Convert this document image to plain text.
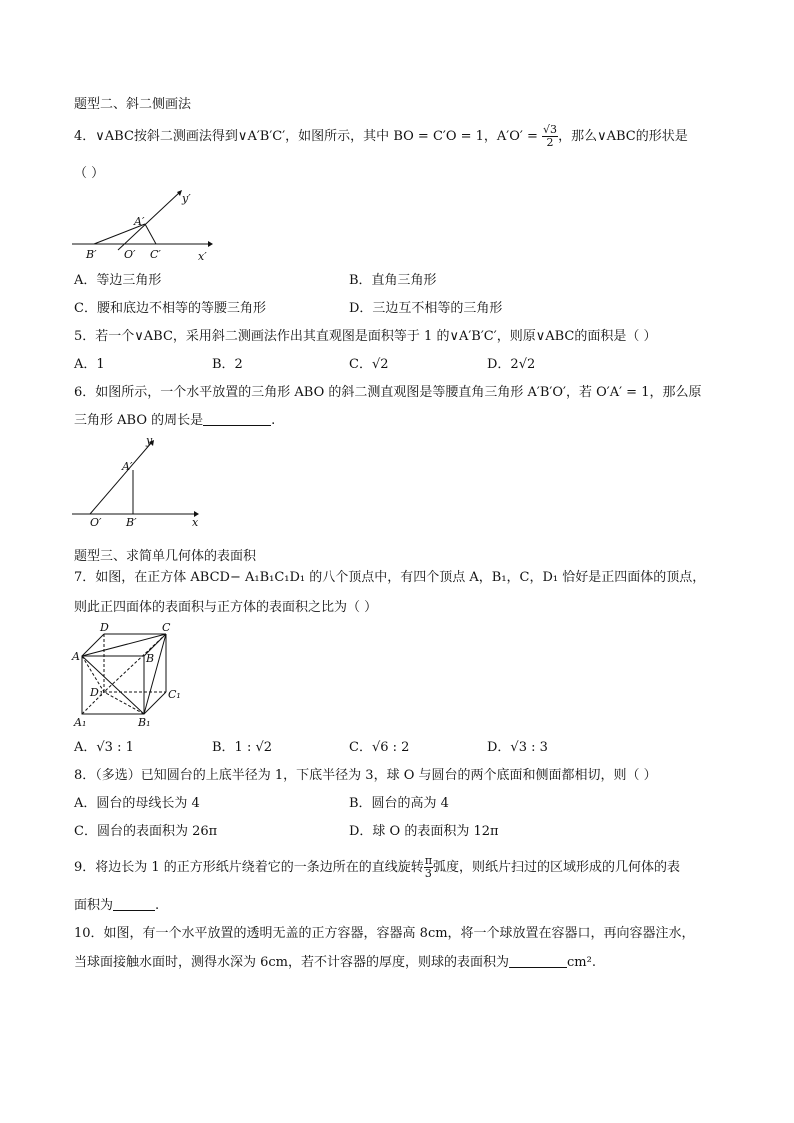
题型二、斜二侧画法
4．∨ABC按斜二测画法得到∨A′B′C′，如图所示，其中 BO = C′O = 1，$A'O' = \frac{√3}{2}$ ，那么∨ABC的形状是
（ ）
y′
A′
B′ O′ C′	x′
A．等边三角形	B．直角三角形
C．腰和底边不相等的等腰三角形	D．三边互不相等的三角形
5．若一个∨ABC，采用斜二测画法作出其直观图是面积等于 1 的∨A′B′C′，则原∨ABC的面积是（ ）
A．1	B．2	C．√2	D．2√2
6．如图所示，一个水平放置的三角形 ABO 的斜二测直观图是等腰直角三角形 A′B′O′，若 O′A′ = 1，那么原
三角形 ABO 的周长是	.
y
A′
O′ B′	x
题型三、求简单几何体的表面积
7．如图，在正方体 ABCD− A₁B₁C₁D₁ 的八个顶点中，有四个顶点 A，B₁，C，D₁ 恰好是正四面体的顶点，
则此正四面体的表面积与正方体的表面积之比为（ ）
D	C
A	B
D₁	C₁
A₁	B₁
A．√3 : 1	B．1 : √2	C．√6 : 2	D．√3 : 3
8．（多选）已知圆台的上底半径为 1，下底半径为 3，球 O 与圆台的两个底面和侧面都相切，则（ ）
A．圆台的母线长为 4	B．圆台的高为 4
C．圆台的表面积为 26π	D．球 O 的表面积为 12π
9．将边长为 1 的正方形纸片绕着它的一条边所在的直线旋转 $\frac{\pi}{3}$ 弧度，则纸片扫过的区域形成的几何体的表
面积为	.
10．如图，有一个水平放置的透明无盖的正方容器，容器高 8cm，将一个球放置在容器口，再向容器注水，
当球面接触水面时，测得水深为 6cm，若不计容器的厚度，则球的表面积为	cm².
